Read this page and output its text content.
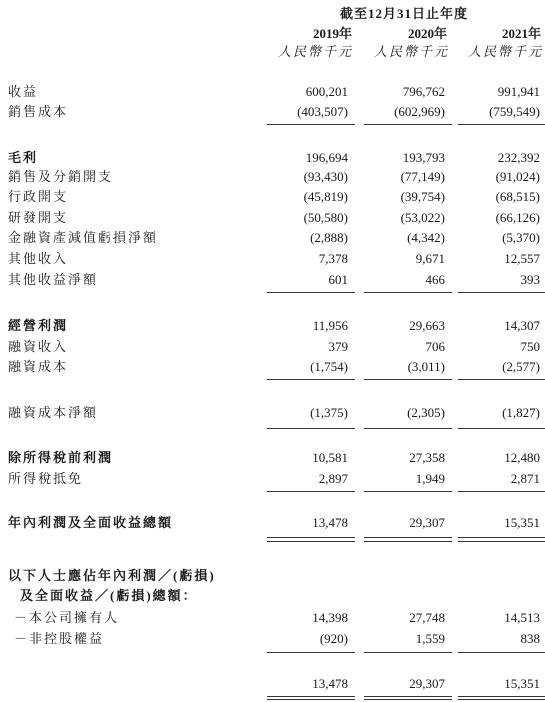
截至12月31日止年度
2019年	2020年	2021年
人民幣千元	人民幣千元	人民幣千元
收益	600,201	796,762	991,941
銷售成本	(403,507)	(602,969)	(759,549)
毛利	196,694	193,793	232,392
銷售及分銷開支	(93,430)	(77,149)	(91,024)
行政開支	(45,819)	(39,754)	(68,515)
研發開支	(50,580)	(53,022)	(66,126)
金融資產減值虧損淨額	(2,888)	(4,342)	(5,370)
其他收入	7,378	9,671	12,557
其他收益淨額	601	466	393
經營利潤	11,956	29,663	14,307
融資收入	379	706	750
融資成本	(1,754)	(3,011)	(2,577)
融資成本淨額	(1,375)	(2,305)	(1,827)
除所得稅前利潤	10,581	27,358	12,480
所得稅抵免	2,897	1,949	2,871
年內利潤及全面收益總額	13,478	29,307	15,351
以下人士應佔年內利潤／(虧損)
及全面收益／(虧損)總額：
－本公司擁有人	14,398	27,748	14,513
－非控股權益	(920)	1,559	838
13,478	29,307	15,351
